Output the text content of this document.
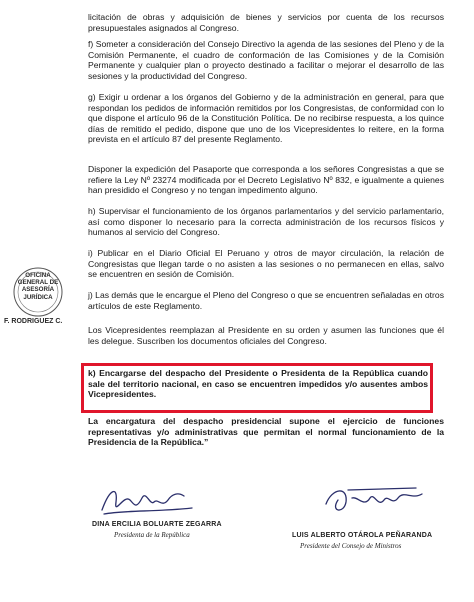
licitación de obras y adquisición de bienes y servicios por cuenta de los recursos presupuestales asignados al Congreso.

f) Someter a consideración del Consejo Directivo la agenda de las sesiones del Pleno y de la Comisión Permanente, el cuadro de conformación de las Comisiones y de la Comisión Permanente y cualquier plan o proyecto destinado a facilitar o mejorar el desarrollo de las sesiones y la productividad del Congreso.

g) Exigir u ordenar a los órganos del Gobierno y de la administración en general, para que respondan los pedidos de información remitidos por los Congresistas, de conformidad con lo que dispone el artículo 96 de la Constitución Política. De no recibirse respuesta, a los quince días de remitido el pedido, dispone que uno de los Vicepresidentes lo reitere, en la forma prevista en el artículo 87 del presente Reglamento.

Disponer la expedición del Pasaporte que corresponda a los señores Congresistas a que se refiere la Ley Nº 23274 modificada por el Decreto Legislativo Nº 832, e igualmente a quienes han presidido el Congreso y no tengan impedimento alguno.

h) Supervisar el funcionamiento de los órganos parlamentarios y del servicio parlamentario, así como disponer lo necesario para la correcta administración de los recursos físicos y humanos al servicio del Congreso.

i) Publicar en el Diario Oficial El Peruano y otros de mayor circulación, la relación de Congresistas que llegan tarde o no asisten a las sesiones o no permanecen en ellas, salvo se encuentren en sesión de Comisión.

j) Las demás que le encargue el Pleno del Congreso o que se encuentren señaladas en otros artículos de este Reglamento.

Los Vicepresidentes reemplazan al Presidente en su orden y asumen las funciones que él les delegue. Suscriben los documentos oficiales del Congreso.

k) Encargarse del despacho del Presidente o Presidenta de la República cuando sale del territorio nacional, en caso se encuentren impedidos y/o ausentes ambos Vicepresidentes.

La encargatura del despacho presidencial supone el ejercicio de funciones representativas y/o administrativas que permitan el normal funcionamiento de la Presidencia de la República.”

OFICINA GENERAL DE ASESORÍA JURÍDICA
F. RODRIGUEZ C.
DINA ERCILIA BOLUARTE ZEGARRA
Presidenta de la República	LUIS ALBERTO OTÁROLA PEÑARANDA
Presidente del Consejo de Ministros
